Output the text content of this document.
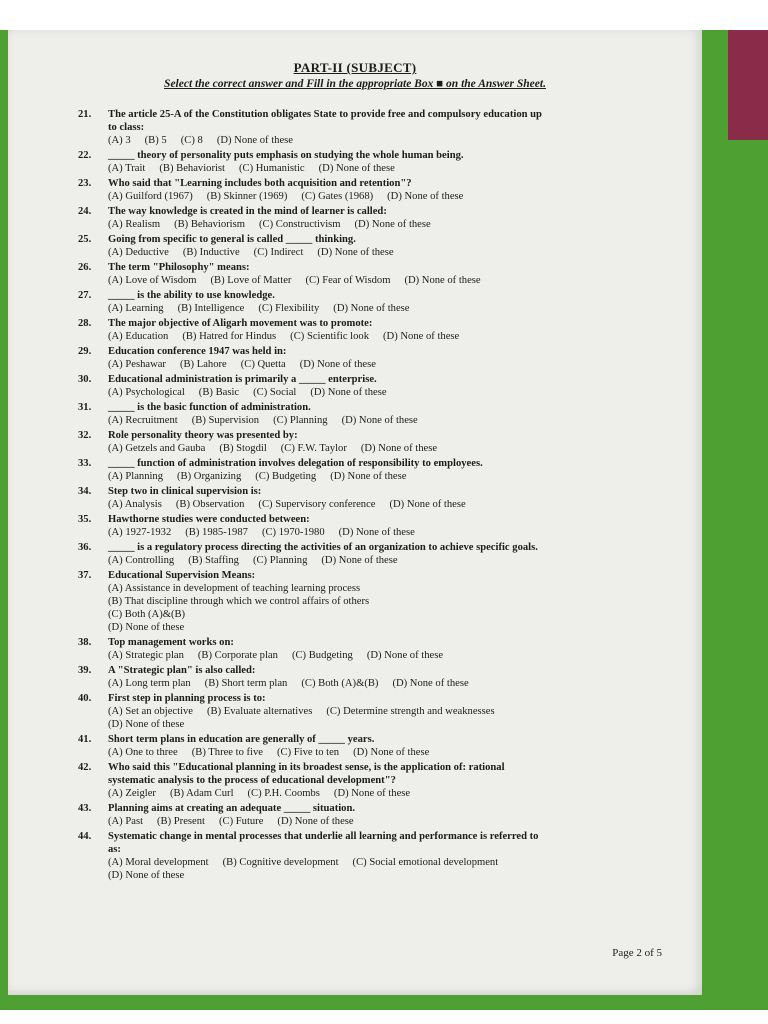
PART-II (SUBJECT)
Select the correct answer and Fill in the appropriate Box ■ on the Answer Sheet.
21.	The article 25-A of the Constitution obligates State to provide free and compulsory education up to class:
(A) 3 (B) 5 (C) 8 (D) None of these
22.	_____ theory of personality puts emphasis on studying the whole human being.
(A) Trait (B) Behaviorist (C) Humanistic (D) None of these
23.	Who said that "Learning includes both acquisition and retention"?
(A) Guilford (1967) (B) Skinner (1969) (C) Gates (1968) (D) None of these
24.	The way knowledge is created in the mind of learner is called:
(A) Realism (B) Behaviorism (C) Constructivism (D) None of these
25.	Going from specific to general is called _____ thinking.
(A) Deductive (B) Inductive (C) Indirect (D) None of these
26.	The term "Philosophy" means:
(A) Love of Wisdom (B) Love of Matter (C) Fear of Wisdom (D) None of these
27.	_____ is the ability to use knowledge.
(A) Learning (B) Intelligence (C) Flexibility (D) None of these
28.	The major objective of Aligarh movement was to promote:
(A) Education (B) Hatred for Hindus (C) Scientific look (D) None of these
29.	Education conference 1947 was held in:
(A) Peshawar (B) Lahore (C) Quetta (D) None of these
30.	Educational administration is primarily a _____ enterprise.
(A) Psychological (B) Basic (C) Social (D) None of these
31.	_____ is the basic function of administration.
(A) Recruitment (B) Supervision (C) Planning (D) None of these
32.	Role personality theory was presented by:
(A) Getzels and Gauba (B) Stogdil (C) F.W. Taylor (D) None of these
33.	_____ function of administration involves delegation of responsibility to employees.
(A) Planning (B) Organizing (C) Budgeting (D) None of these
34.	Step two in clinical supervision is:
(A) Analysis (B) Observation (C) Supervisory conference (D) None of these
35.	Hawthorne studies were conducted between:
(A) 1927-1932 (B) 1985-1987 (C) 1970-1980 (D) None of these
36.	_____ is a regulatory process directing the activities of an organization to achieve specific goals.
(A) Controlling (B) Staffing (C) Planning (D) None of these
37.	Educational Supervision Means:
(A) Assistance in development of teaching learning process
(B) That discipline through which we control affairs of others
(C) Both (A)&(B)
(D) None of these
38.	Top management works on:
(A) Strategic plan (B) Corporate plan (C) Budgeting (D) None of these
39.	A "Strategic plan" is also called:
(A) Long term plan (B) Short term plan (C) Both (A)&(B) (D) None of these
40.	First step in planning process is to:
(A) Set an objective (B) Evaluate alternatives (C) Determine strength and weaknesses
(D) None of these
41.	Short term plans in education are generally of _____ years.
(A) One to three (B) Three to five (C) Five to ten (D) None of these
42.	Who said this "Educational planning in its broadest sense, is the application of: rational systematic analysis to the process of educational development"?
(A) Zeigler (B) Adam Curl (C) P.H. Coombs (D) None of these
43.	Planning aims at creating an adequate _____ situation.
(A) Past (B) Present (C) Future (D) None of these
44.	Systematic change in mental processes that underlie all learning and performance is referred to as:
(A) Moral development (B) Cognitive development (C) Social emotional development
(D) None of these
Page 2 of 5
